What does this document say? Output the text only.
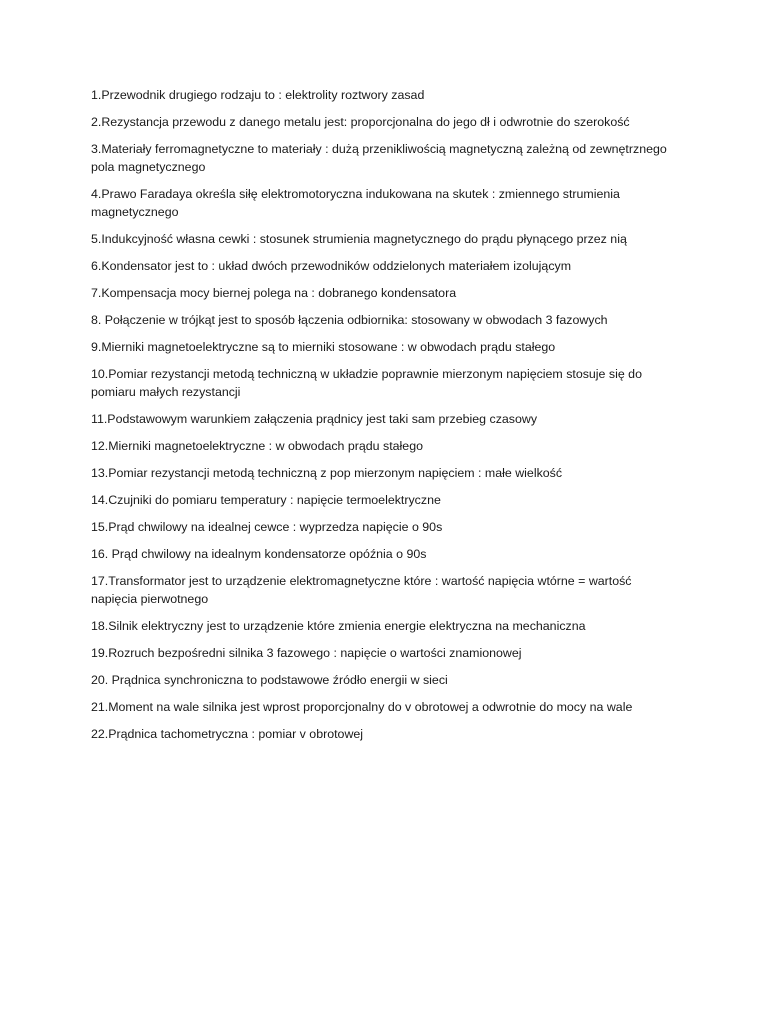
1.Przewodnik drugiego rodzaju to : elektrolity roztwory zasad

2.Rezystancja przewodu z danego metalu jest: proporcjonalna do jego dł i odwrotnie do szerokość

3.Materiały ferromagnetyczne to materiały : dużą przenikliwością magnetyczną zależną od zewnętrznego pola magnetycznego

4.Prawo Faradaya określa siłę elektromotoryczna indukowana na skutek : zmiennego strumienia magnetycznego

5.Indukcyjność własna cewki : stosunek strumienia magnetycznego do prądu płynącego przez nią

6.Kondensator jest to : układ dwóch przewodników oddzielonych materiałem izolującym

7.Kompensacja mocy biernej polega na : dobranego kondensatora

8. Połączenie w trójkąt jest to sposób łączenia odbiornika: stosowany w obwodach 3 fazowych

9.Mierniki magnetoelektryczne są to mierniki stosowane : w obwodach prądu stałego

10.Pomiar rezystancji metodą techniczną w układzie poprawnie mierzonym napięciem stosuje się do pomiaru małych rezystancji

11.Podstawowym warunkiem załączenia prądnicy jest taki sam przebieg czasowy

12.Mierniki magnetoelektryczne : w obwodach prądu stałego

13.Pomiar rezystancji metodą techniczną z pop mierzonym napięciem : małe wielkość

14.Czujniki do pomiaru temperatury : napięcie termoelektryczne

15.Prąd chwilowy na idealnej cewce : wyprzedza napięcie o 90s

16. Prąd chwilowy na idealnym kondensatorze opóźnia o 90s

17.Transformator jest to urządzenie elektromagnetyczne które : wartość napięcia wtórne = wartość napięcia pierwotnego

18.Silnik elektryczny jest to urządzenie które zmienia energie elektryczna na mechaniczna

19.Rozruch bezpośredni silnika 3 fazowego : napięcie o wartości znamionowej

20. Prądnica synchroniczna to podstawowe źródło energii w sieci

21.Moment na wale silnika jest wprost proporcjonalny do v obrotowej a odwrotnie do mocy na wale

22.Prądnica tachometryczna : pomiar v obrotowej
